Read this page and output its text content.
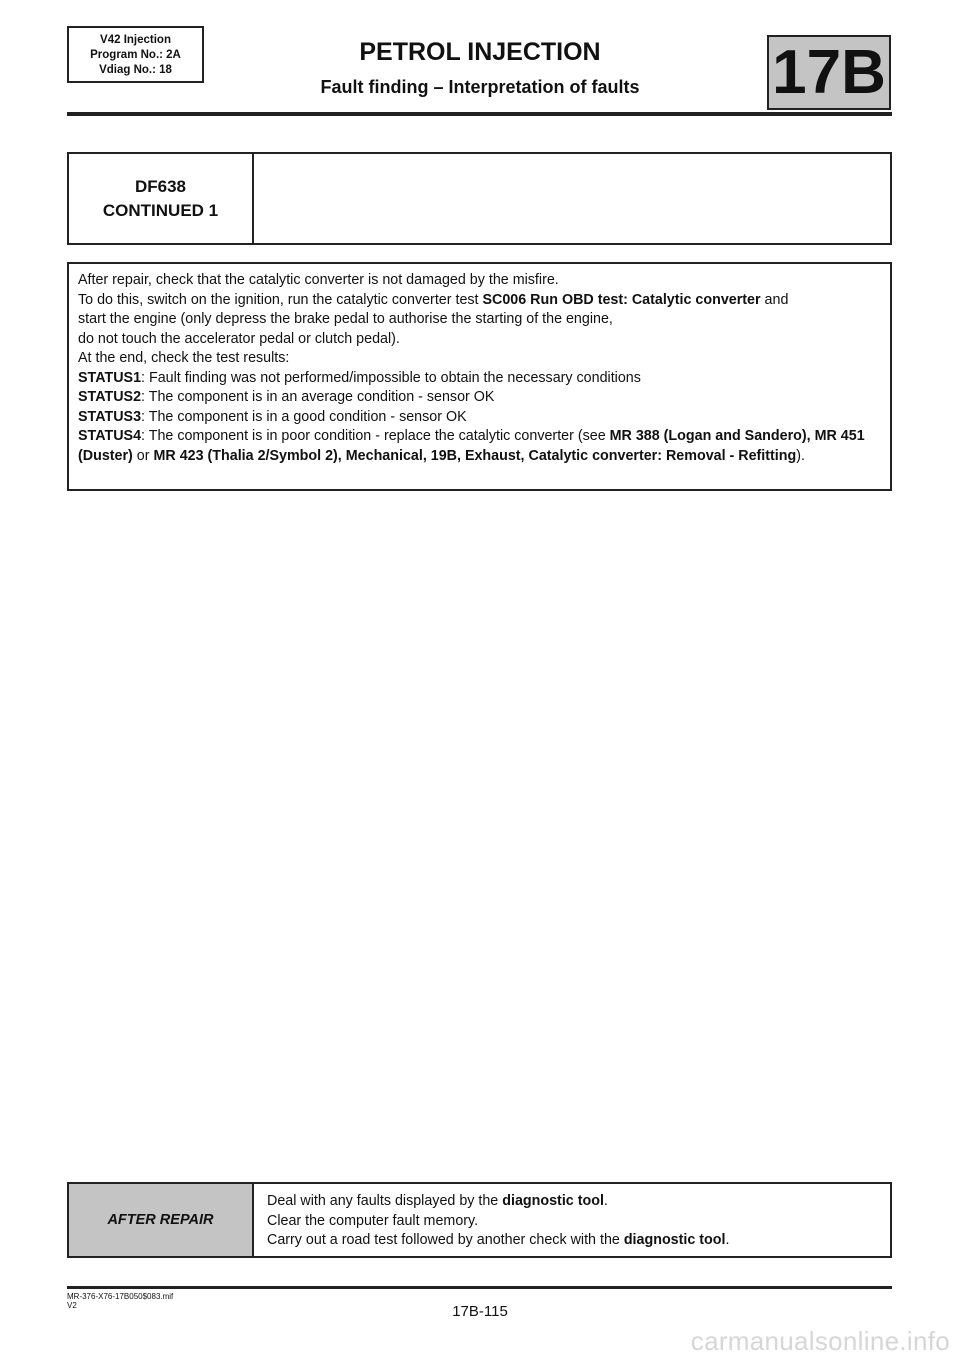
V42 Injection
Program No.: 2A
Vdiag No.: 18
PETROL INJECTION
Fault finding – Interpretation of faults	17B
DF638
CONTINUED 1

After repair, check that the catalytic converter is not damaged by the misfire.

To do this, switch on the ignition, run the catalytic converter test SC006 Run OBD test: Catalytic converter and

start the engine (only depress the brake pedal to authorise the starting of the engine,

do not touch the accelerator pedal or clutch pedal).

At the end, check the test results:

STATUS1: Fault finding was not performed/impossible to obtain the necessary conditions

STATUS2: The component is in an average condition - sensor OK

STATUS3: The component is in a good condition - sensor OK

STATUS4: The component is in poor condition - replace the catalytic converter (see MR 388 (Logan and Sandero), MR 451 (Duster) or MR 423 (Thalia 2/Symbol 2), Mechanical, 19B, Exhaust, Catalytic converter: Removal - Refitting).

AFTER REPAIR

Deal with any faults displayed by the diagnostic tool.

Clear the computer fault memory.

Carry out a road test followed by another check with the diagnostic tool.

MR-376-X76-17B050$083.mif
V2	17B-115
carmanualsonline.info
